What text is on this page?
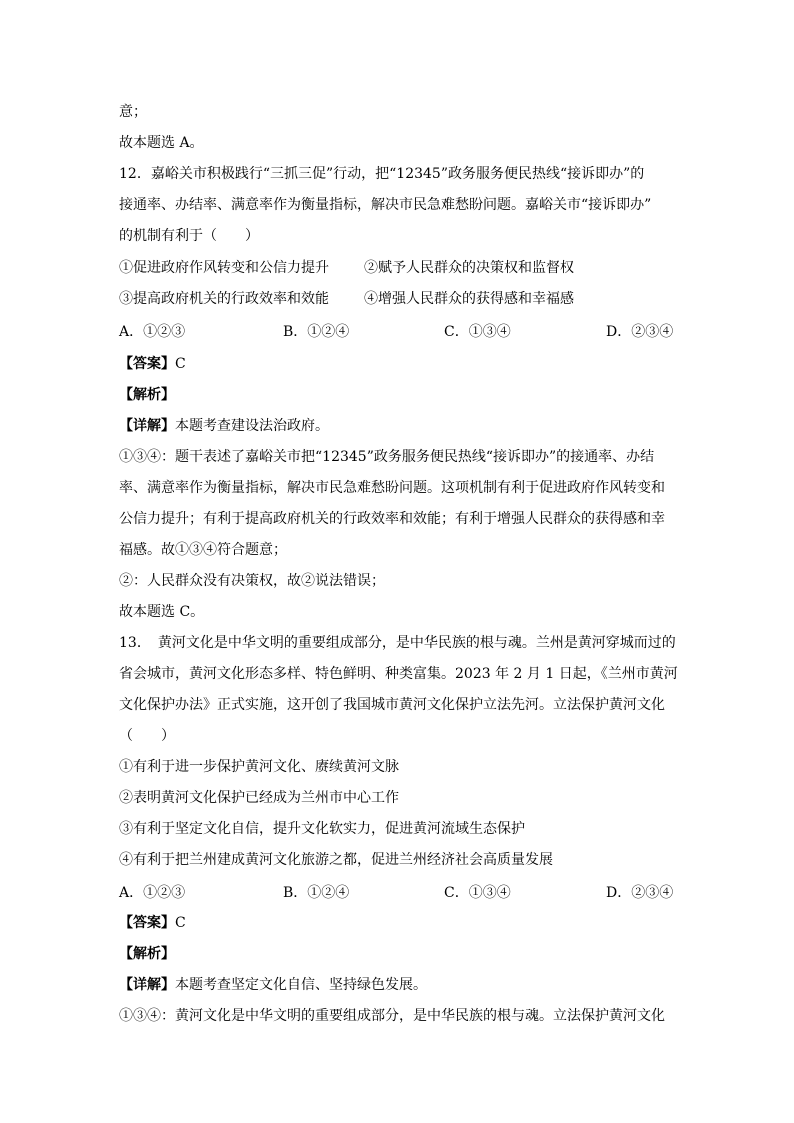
意；
故本题选 A。
12．嘉峪关市积极践行“三抓三促”行动，把“12345”政务服务便民热线“接诉即办”的
接通率、办结率、满意率作为衡量指标，解决市民急难愁盼问题。嘉峪关市“接诉即办”
的机制有利于（　　）
①促进政府作风转变和公信力提升	②赋予人民群众的决策权和监督权
③提高政府机关的行政效率和效能	④增强人民群众的获得感和幸福感
A．①②③	B．①②④	C．①③④	D．②③④
【答案】C
【解析】
【详解】本题考查建设法治政府。
①③④：题干表述了嘉峪关市把“12345”政务服务便民热线“接诉即办”的接通率、办结
率、满意率作为衡量指标，解决市民急难愁盼问题。这项机制有利于促进政府作风转变和
公信力提升；有利于提高政府机关的行政效率和效能；有利于增强人民群众的获得感和幸
福感。故①③④符合题意；
②：人民群众没有决策权，故②说法错误；
故本题选 C。
13．　黄河文化是中华文明的重要组成部分，是中华民族的根与魂。兰州是黄河穿城而过的
省会城市，黄河文化形态多样、特色鲜明、种类富集。2023 年 2 月 1 日起，《兰州市黄河
文化保护办法》正式实施，这开创了我国城市黄河文化保护立法先河。立法保护黄河文化
（　　）
①有利于进一步保护黄河文化、赓续黄河文脉
②表明黄河文化保护已经成为兰州市中心工作
③有利于坚定文化自信，提升文化软实力，促进黄河流域生态保护
④有利于把兰州建成黄河文化旅游之都，促进兰州经济社会高质量发展
A．①②③	B．①②④	C．①③④	D．②③④
【答案】C
【解析】
【详解】本题考查坚定文化自信、坚持绿色发展。
①③④：黄河文化是中华文明的重要组成部分，是中华民族的根与魂。立法保护黄河文化
